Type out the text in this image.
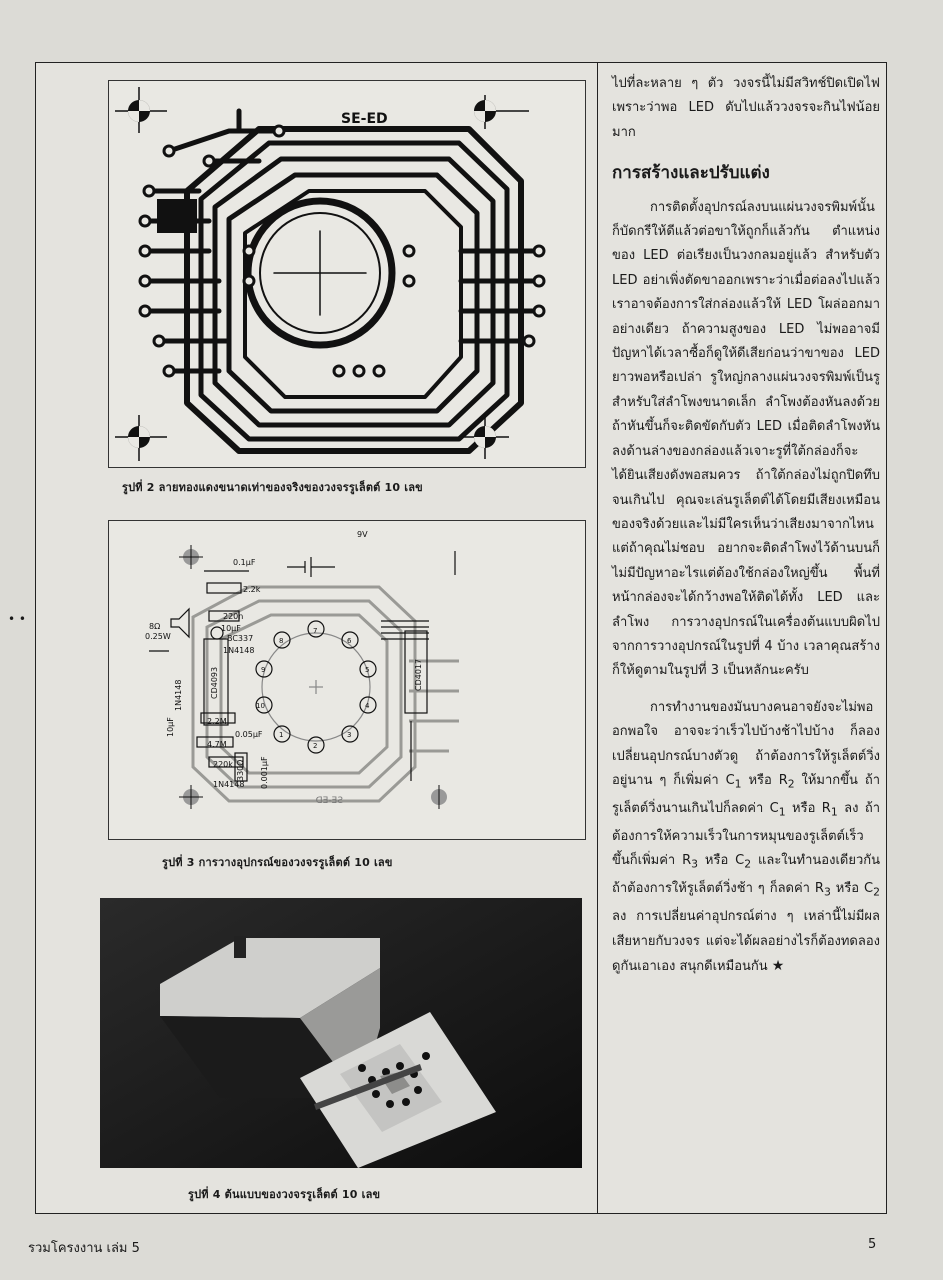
• •
SE-ED
รูปที่ 2 ลายทองแดงขนาดเท่าของจริงของวงจรรูเล็ตต์ 10 เลข
0.1μF
2.2k
220n
10μF
8Ω
0.25W	BC337
1N4148
9V
2.2M
4.7M
0.05μF
220k
1N4148
CD4093	CD4017
1N4148
10μF
330Ω 0.001μF
7
6
5
4
3
2
1
10
9
8
SE-ED
รูปที่ 3 การวางอุปกรณ์ของวงจรรูเล็ตต์ 10 เลข
รูปที่ 4 ต้นแบบของวงจรรูเล็ตต์ 10 เลข

ไปที่ละหลาย ๆ ตัว วงจรนี้ไม่มีสวิทช์ปิดเปิดไฟเพราะว่าพอ LED ดับไปแล้ววงจรจะกินไฟน้อยมาก

การสร้างและปรับแต่ง

การติดตั้งอุปกรณ์ลงบนแผ่นวงจรพิมพ์นั้นก็บัดกรีให้ดีแล้วต่อขาให้ถูกก็แล้วกัน ตำแหน่งของ LED ต่อเรียงเป็นวงกลมอยู่แล้ว สำหรับตัว LED อย่าเพิ่งตัดขาออกเพราะว่าเมื่อต่อลงไปแล้วเราอาจต้องการใส่กล่องแล้วให้ LED โผล่ออกมาอย่างเดียว ถ้าความสูงของ LED ไม่พออาจมีปัญหาได้เวลาซื้อก็ดูให้ดีเสียก่อนว่าขาของ LED ยาวพอหรือเปล่า รูใหญ่กลางแผ่นวงจรพิมพ์เป็นรูสำหรับใส่ลำโพงขนาดเล็ก ลำโพงต้องหันลงด้วยถ้าหันขึ้นก็จะติดขัดกับตัว LED เมื่อติดลำโพงหันลงด้านล่างของกล่องแล้วเจาะรูที่ใต้กล่องก็จะได้ยินเสียงดังพอสมควร ถ้าใต้กล่องไม่ถูกปิดทึบจนเกินไป คุณจะเล่นรูเล็ตต์ได้โดยมีเสียงเหมือนของจริงด้วยและไม่มีใครเห็นว่าเสียงมาจากไหน แต่ถ้าคุณไม่ชอบ อยากจะติดลำโพงไว้ด้านบนก็ไม่มีปัญหาอะไรแต่ต้องใช้กล่องใหญ่ขึ้น พื้นที่หน้ากล่องจะได้กว้างพอให้ติดได้ทั้ง LED และลำโพง การวางอุปกรณ์ในเครื่องต้นแบบผิดไปจากการวางอุปกรณ์ในรูปที่ 4 บ้าง เวลาคุณสร้างก็ให้ดูตามในรูปที่ 3 เป็นหลักนะครับ

การทำงานของมันบางคนอาจยังจะไม่พออกพอใจ อาจจะว่าเร็วไปบ้างช้าไปบ้าง ก็ลองเปลี่ยนอุปกรณ์บางตัวดู ถ้าต้องการให้รูเล็ตต์วิ่งอยู่นาน ๆ ก็เพิ่มค่า $C_1$ หรือ $R_2$ ให้มากขึ้น ถ้ารูเล็ตต์วิ่งนานเกินไปก็ลดค่า $C_1$ หรือ $R_1$ ลง ถ้าต้องการให้ความเร็วในการหมุนของรูเล็ตต์เร็วขึ้นก็เพิ่มค่า $R_3$ หรือ $C_2$ และในทำนองเดียวกันถ้าต้องการให้รูเล็ตต์วิ่งช้า ๆ ก็ลดค่า $R_3$ หรือ $C_2$ ลง การเปลี่ยนค่าอุปกรณ์ต่าง ๆ เหล่านี้ไม่มีผลเสียหายกับวงจร แต่จะได้ผลอย่างไรก็ต้องทดลองดูกันเอาเอง สนุกดีเหมือนกัน ★

รวมโครงงาน เล่ม 5	5
